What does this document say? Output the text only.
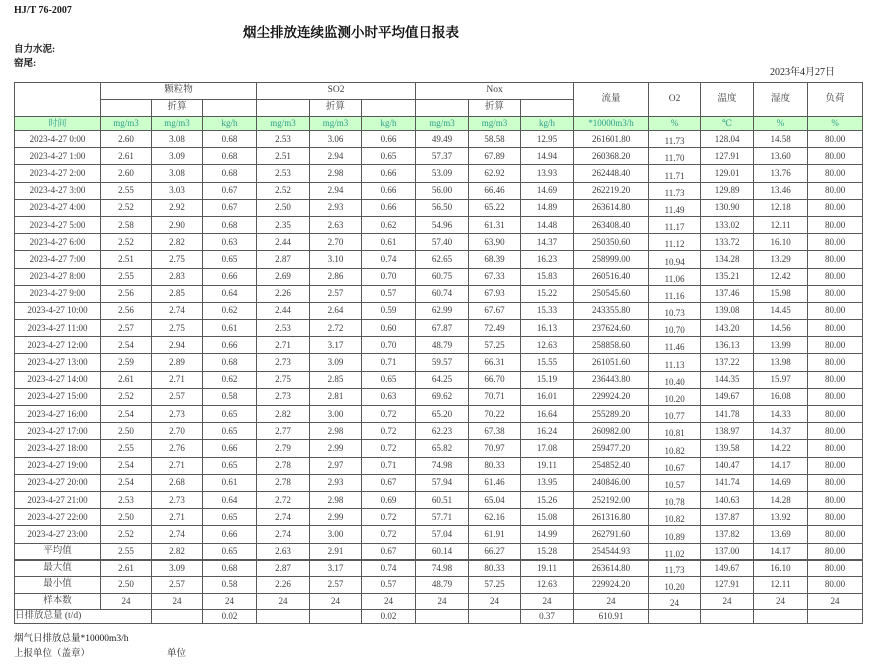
HJ/T 76-2007
烟尘排放连续监测小时平均值日报表
自力水泥:
窑尾:
2023年4月27日
	颗粒物			SO2			Nox			流量	O2	温度	湿度	负荷
		折算			折算			折算						
时间	mg/m3	mg/m3	kg/h	mg/m3	mg/m3	kg/h	mg/m3	mg/m3	kg/h	*10000m3/h	%	℃	%	%
2023-4-27 0:00	2.60	3.08	0.68	2.53	3.06	0.66	49.49	58.58	12.95	261601.80	11.73	128.04	14.58	80.00
2023-4-27 1:00	2.61	3.09	0.68	2.51	2.94	0.65	57.37	67.89	14.94	260368.20	11.70	127.91	13.60	80.00
2023-4-27 2:00	2.60	3.08	0.68	2.53	2.98	0.66	53.09	62.92	13.93	262448.40	11.71	129.01	13.76	80.00
2023-4-27 3:00	2.55	3.03	0.67	2.52	2.94	0.66	56.00	66.46	14.69	262219.20	11.73	129.89	13.46	80.00
2023-4-27 4:00	2.52	2.92	0.67	2.50	2.93	0.66	56.50	65.22	14.89	263614.80	11.49	130.90	12.18	80.00
2023-4-27 5:00	2.58	2.90	0.68	2.35	2.63	0.62	54.96	61.31	14.48	263408.40	11.17	133.02	12.11	80.00
2023-4-27 6:00	2.52	2.82	0.63	2.44	2.70	0.61	57.40	63.90	14.37	250350.60	11.12	133.72	16.10	80.00
2023-4-27 7:00	2.51	2.75	0.65	2.87	3.10	0.74	62.65	68.39	16.23	258999.00	10.94	134.28	13.29	80.00
2023-4-27 8:00	2.55	2.83	0.66	2.69	2.86	0.70	60.75	67.33	15.83	260516.40	11.06	135.21	12.42	80.00
2023-4-27 9:00	2.56	2.85	0.64	2.26	2.57	0.57	60.74	67.93	15.22	250545.60	11.16	137.46	15.98	80.00
2023-4-27 10:00	2.56	2.74	0.62	2.44	2.64	0.59	62.99	67.67	15.33	243355.80	10.73	139.08	14.45	80.00
2023-4-27 11:00	2.57	2.75	0.61	2.53	2.72	0.60	67.87	72.49	16.13	237624.60	10.70	143.20	14.56	80.00
2023-4-27 12:00	2.54	2.94	0.66	2.71	3.17	0.70	48.79	57.25	12.63	258858.60	11.46	136.13	13.99	80.00
2023-4-27 13:00	2.59	2.89	0.68	2.73	3.09	0.71	59.57	66.31	15.55	261051.60	11.13	137.22	13.98	80.00
2023-4-27 14:00	2.61	2.71	0.62	2.75	2.85	0.65	64.25	66.70	15.19	236443.80	10.40	144.35	15.97	80.00
2023-4-27 15:00	2.52	2.57	0.58	2.73	2.81	0.63	69.62	70.71	16.01	229924.20	10.20	149.67	16.08	80.00
2023-4-27 16:00	2.54	2.73	0.65	2.82	3.00	0.72	65.20	70.22	16.64	255289.20	10.77	141.78	14.33	80.00
2023-4-27 17:00	2.50	2.70	0.65	2.77	2.98	0.72	62.23	67.38	16.24	260982.00	10.81	138.97	14.37	80.00
2023-4-27 18:00	2.55	2.76	0.66	2.79	2.99	0.72	65.82	70.97	17.08	259477.20	10.82	139.58	14.22	80.00
2023-4-27 19:00	2.54	2.71	0.65	2.78	2.97	0.71	74.98	80.33	19.11	254852.40	10.67	140.47	14.17	80.00
2023-4-27 20:00	2.54	2.68	0.61	2.78	2.93	0.67	57.94	61.46	13.95	240846.00	10.57	141.74	14.69	80.00
2023-4-27 21:00	2.53	2.73	0.64	2.72	2.98	0.69	60.51	65.04	15.26	252192.00	10.78	140.63	14.28	80.00
2023-4-27 22:00	2.50	2.71	0.65	2.74	2.99	0.72	57.71	62.16	15.08	261316.80	10.82	137.87	13.92	80.00
2023-4-27 23:00	2.52	2.74	0.66	2.74	3.00	0.72	57.04	61.91	14.99	262791.60	10.89	137.82	13.69	80.00

平均值	2.55	2.82	0.65	2.63	2.91	0.67	60.14	66.27	15.28	254544.93	11.02	137.00	14.17	80.00
最大值	2.61	3.09	0.68	2.87	3.17	0.74	74.98	80.33	19.11	263614.80	11.73	149.67	16.10	80.00
最小值	2.50	2.57	0.58	2.26	2.57	0.57	48.79	57.25	12.63	229924.20	10.20	127.91	12.11	80.00
样本数	24	24	24	24	24	24	24	24	24	24	24	24	24	24
日排放总量 (t/d)			0.02			0.02			0.37	610.91				
烟气日排放总量*10000m3/h
上报单位（盖章）	单位
